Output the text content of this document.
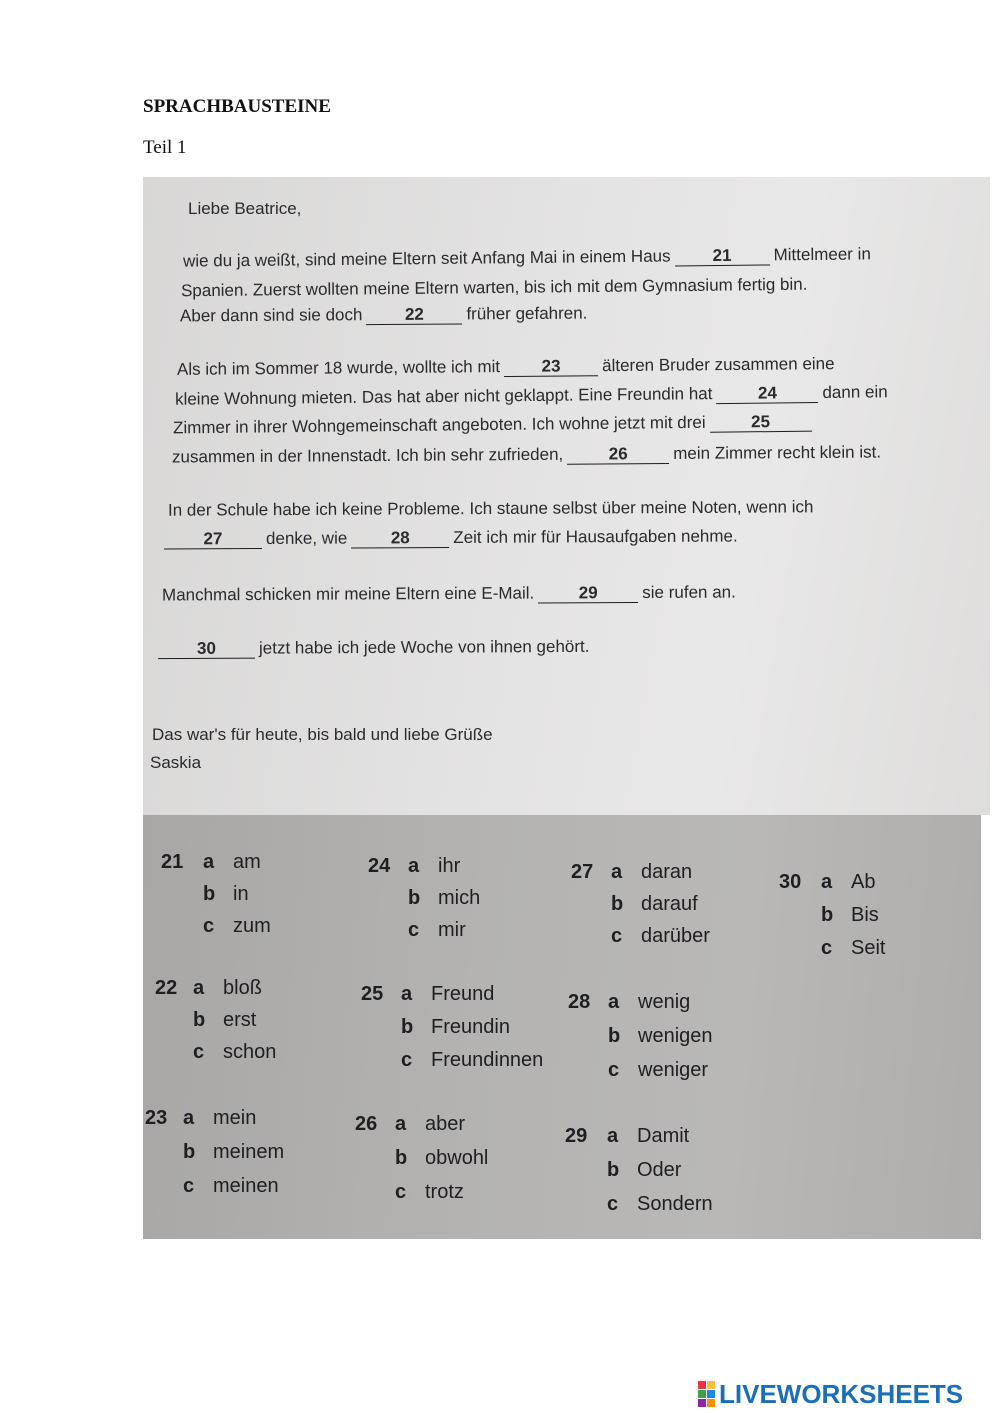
SPRACHBAUSTEINE
Teil 1
Liebe Beatrice,
wie du ja weißt, sind meine Eltern seit Anfang Mai in einem Haus 21 Mittelmeer in
Spanien. Zuerst wollten meine Eltern warten, bis ich mit dem Gymnasium fertig bin.
Aber dann sind sie doch 22 früher gefahren.
Als ich im Sommer 18 wurde, wollte ich mit 23 älteren Bruder zusammen eine
kleine Wohnung mieten. Das hat aber nicht geklappt. Eine Freundin hat	24	dann ein
Zimmer in ihrer Wohngemeinschaft angeboten. Ich wohne jetzt mit drei	25
zusammen in der Innenstadt. Ich bin sehr zufrieden,	26	mein Zimmer recht klein ist.
In der Schule habe ich keine Probleme. Ich staune selbst über meine Noten, wenn ich
27	denke, wie	28	Zeit ich mir für Hausaufgaben nehme.
Manchmal schicken mir meine Eltern eine E-Mail.	29	sie rufen an.
30	jetzt habe ich jede Woche von ihnen gehört.
Das war's für heute, bis bald und liebe Grüße
Saskia
21 a am
b in
c zum
22 a bloß
b erst
c schon
23 a mein
b meinem
c meinen
24 a ihr
b mich
c mir
25 a Freund
b Freundin
c Freundinnen
26 a aber
b obwohl
c trotz
27 a daran
b darauf
c darüber
28 a wenig
b wenigen
c weniger
29 a Damit
b Oder
c Sondern
30 a Ab
b Bis
c Seit
LIVEWORKSHEETS
